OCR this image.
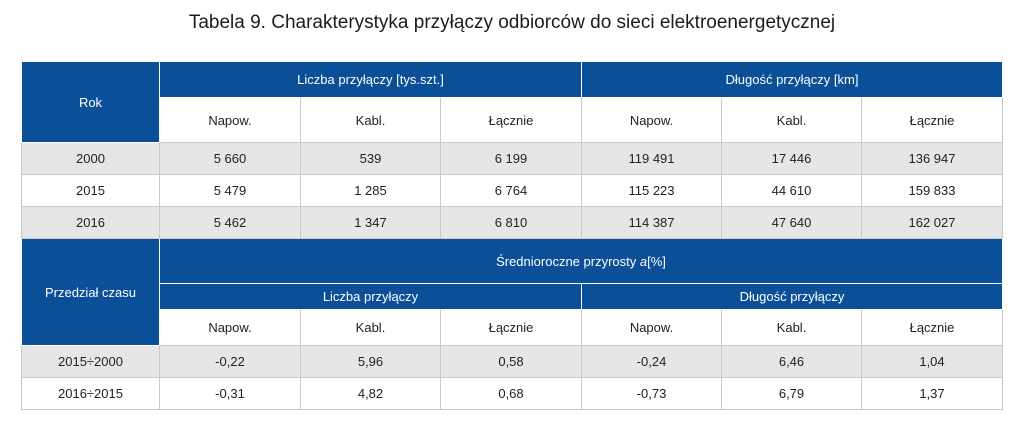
Tabela 9. Charakterystyka przyłączy odbiorców do sieci elektroenergetycznej
Rok	Liczba przyłączy [tys.szt.]			Długość przyłączy [km]		
	Napow.	Kabl.	Łącznie	Napow.	Kabl.	Łącznie
2000	5 660	539	6 199	119 491	17 446	136 947
2015	5 479	1 285	6 764	115 223	44 610	159 833
2016	5 462	1 347	6 810	114 387	47 640	162 027
Przedział czasu	Średnioroczne przyrosty a[%]					
	Liczba przyłączy			Długość przyłączy		
	Napow.	Kabl.	Łącznie	Napow.	Kabl.	Łącznie
2015÷2000	-0,22	5,96	0,58	-0,24	6,46	1,04
2016÷2015	-0,31	4,82	0,68	-0,73	6,79	1,37
